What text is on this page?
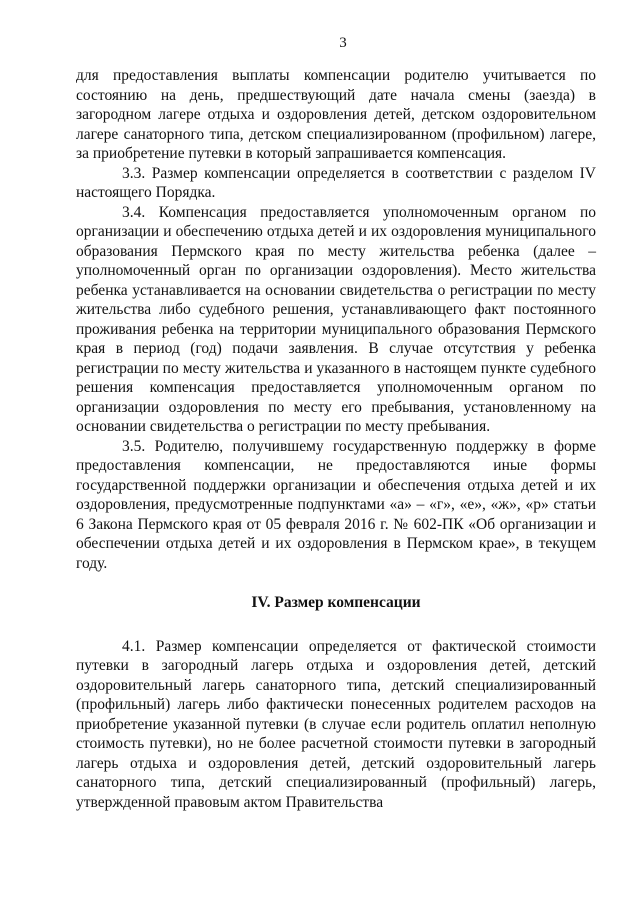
3

для предоставления выплаты компенсации родителю учитывается по состоянию на день, предшествующий дате начала смены (заезда) в загородном лагере отдыха и оздоровления детей, детском оздоровительном лагере санаторного типа, детском специализированном (профильном) лагере, за приобретение путевки в который запрашивается компенсация.

3.3. Размер компенсации определяется в соответствии с разделом IV настоящего Порядка.

3.4. Компенсация предоставляется уполномоченным органом по организации и обеспечению отдыха детей и их оздоровления муниципального образования Пермского края по месту жительства ребенка (далее – уполномоченный орган по организации оздоровления). Место жительства ребенка устанавливается на основании свидетельства о регистрации по месту жительства либо судебного решения, устанавливающего факт постоянного проживания ребенка на территории муниципального образования Пермского края в период (год) подачи заявления. В случае отсутствия у ребенка регистрации по месту жительства и указанного в настоящем пункте судебного решения компенсация предоставляется уполномоченным органом по организации оздоровления по месту его пребывания, установленному на основании свидетельства о регистрации по месту пребывания.

3.5. Родителю, получившему государственную поддержку в форме предоставления компенсации, не предоставляются иные формы государственной поддержки организации и обеспечения отдыха детей и их оздоровления, предусмотренные подпунктами «а» – «г», «е», «ж», «р» статьи 6 Закона Пермского края от 05 февраля 2016 г. № 602-ПК «Об организации и обеспечении отдыха детей и их оздоровления в Пермском крае», в текущем году.

IV. Размер компенсации

4.1. Размер компенсации определяется от фактической стоимости путевки в загородный лагерь отдыха и оздоровления детей, детский оздоровительный лагерь санаторного типа, детский специализированный (профильный) лагерь либо фактически понесенных родителем расходов на приобретение указанной путевки (в случае если родитель оплатил неполную стоимость путевки), но не более расчетной стоимости путевки в загородный лагерь отдыха и оздоровления детей, детский оздоровительный лагерь санаторного типа, детский специализированный (профильный) лагерь, утвержденной правовым актом Правительства
